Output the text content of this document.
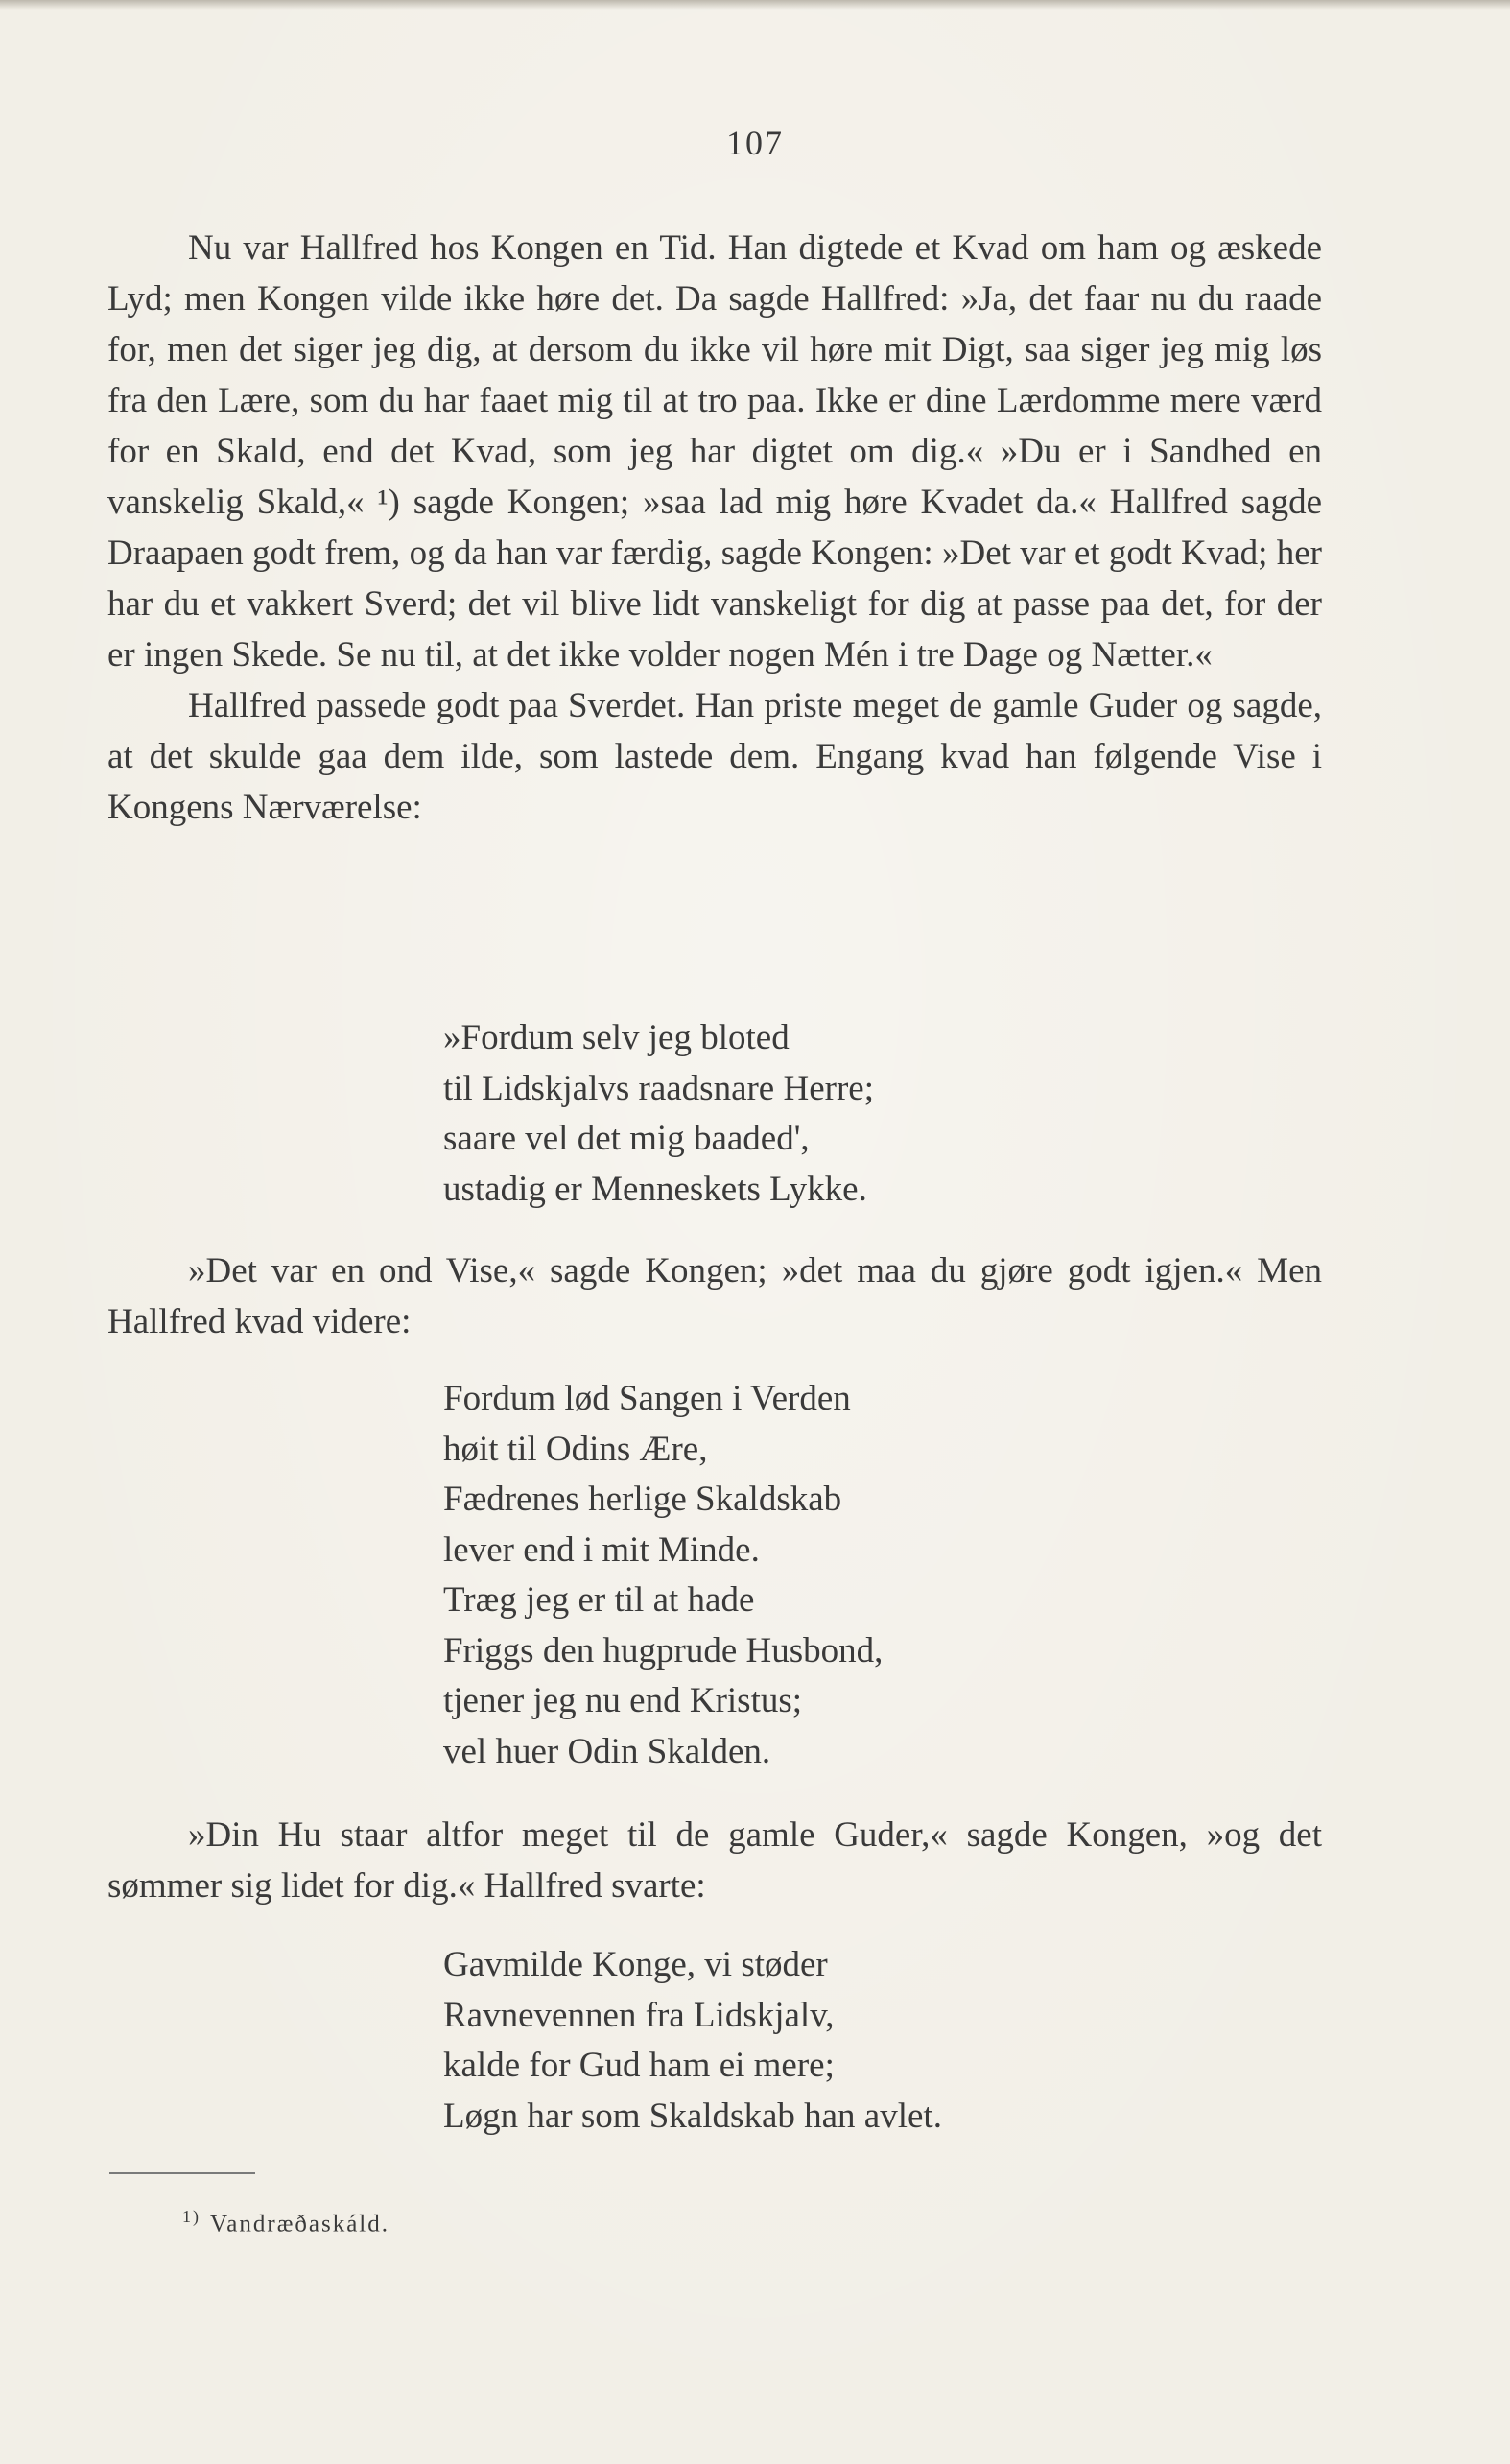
107

Nu var Hallfred hos Kongen en Tid. Han digtede et Kvad om ham og æskede Lyd; men Kongen vilde ikke høre det. Da sagde Hallfred: »Ja, det faar nu du raade for, men det siger jeg dig, at dersom du ikke vil høre mit Digt, saa siger jeg mig løs fra den Lære, som du har faaet mig til at tro paa. Ikke er dine Lærdomme mere værd for en Skald, end det Kvad, som jeg har digtet om dig.« »Du er i Sandhed en vanskelig Skald,« ¹) sagde Kongen; »saa lad mig høre Kvadet da.« Hallfred sagde Draapaen godt frem, og da han var færdig, sagde Kongen: »Det var et godt Kvad; her har du et vakkert Sverd; det vil blive lidt vanskeligt for dig at passe paa det, for der er ingen Skede. Se nu til, at det ikke volder nogen Mén i tre Dage og Nætter.«

Hallfred passede godt paa Sverdet. Han priste meget de gamle Guder og sagde, at det skulde gaa dem ilde, som lastede dem. Engang kvad han følgende Vise i Kongens Nærværelse:

»Fordum selv jeg bloted
til Lidskjalvs raadsnare Herre;
saare vel det mig baaded',
ustadig er Menneskets Lykke.

»Det var en ond Vise,« sagde Kongen; »det maa du gjøre godt igjen.« Men Hallfred kvad videre:

Fordum lød Sangen i Verden
høit til Odins Ære,
Fædrenes herlige Skaldskab
lever end i mit Minde.
Træg jeg er til at hade
Friggs den hugprude Husbond,
tjener jeg nu end Kristus;
vel huer Odin Skalden.

»Din Hu staar altfor meget til de gamle Guder,« sagde Kongen, »og det sømmer sig lidet for dig.« Hallfred svarte:

Gavmilde Konge, vi støder
Ravnevennen fra Lidskjalv,
kalde for Gud ham ei mere;
Løgn har som Skaldskab han avlet.
$^{1)}$ Vandræðaskáld.
